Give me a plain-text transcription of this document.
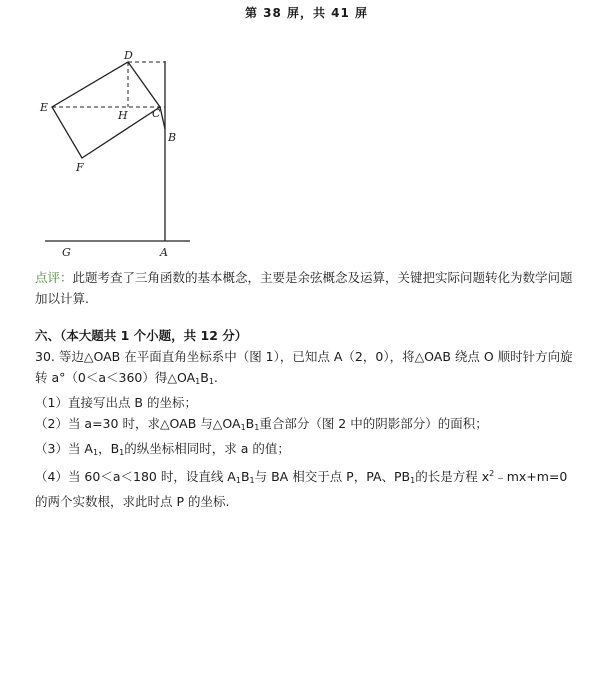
第 38 屏，共 41 屏
D
E
H C
B
F
G	A

点评：此题考查了三角函数的基本概念，主要是余弦概念及运算，关键把实际问题转化为数学问题加以计算.

六、（本大题共 1 个小题，共 12 分）

30. 等边△OAB 在平面直角坐标系中（图 1），已知点 A（2，0），将△OAB 绕点 O 顺时针方向旋转 a°（0＜a＜360）得$\triangle OA_1B_1$.

（1）直接写出点 B 的坐标；

（2）当 a=30 时，求△OAB 与$\triangle OA_1B_1$重合部分（图 2 中的阴影部分）的面积；

（3）当 $A_1$，$B_1$的纵坐标相同时，求 a 的值；

（4）当 60＜a＜180 时，设直线 $A_1B_1$与 BA 相交于点 P，PA、$PB_1$的长是方程 $x^2﹣mx+m=0$ 的两个实数根，求此时点 P 的坐标.
